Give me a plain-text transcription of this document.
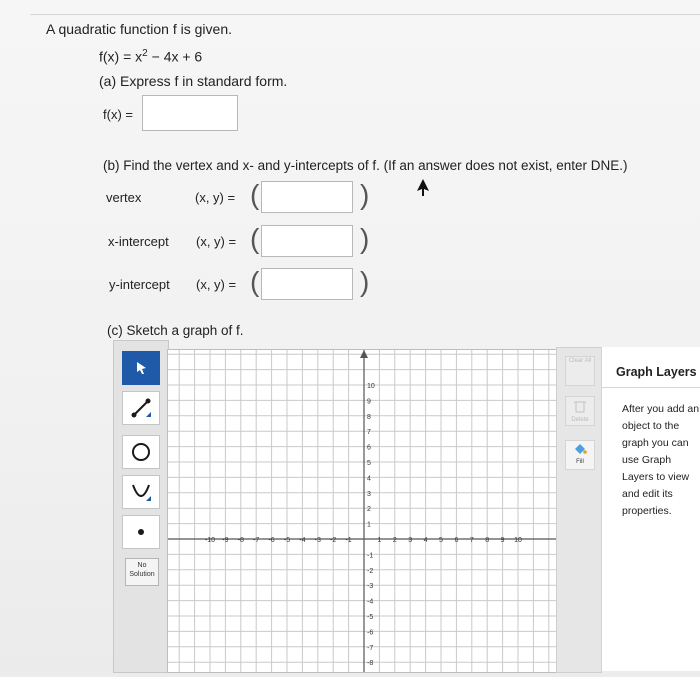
A quadratic function f is given.
$f(x) = x^2 - 4x + 6$
(a) Express f in standard form.
f(x) =
(b) Find the vertex and x- and y-intercepts of f. (If an answer does not exist, enter DNE.)
vertex	(x, y) = (	)
x-intercept (x, y) = (	)
y-intercept (x, y) = (	)
(c) Sketch a graph of f.
No Solution
-10 -9 -8 -7 -6 -5 -4 -3 -2 -1	1 2 3 4 5 6 7 8 9 10
10
9
8
7
6
5
4
3
2
1
-1
-2
-3
-4
-5
-6
-7
-8
Clear All
Delete
Fill
Graph Layers
After you add an object to the graph you can use Graph Layers to view and edit its properties.
